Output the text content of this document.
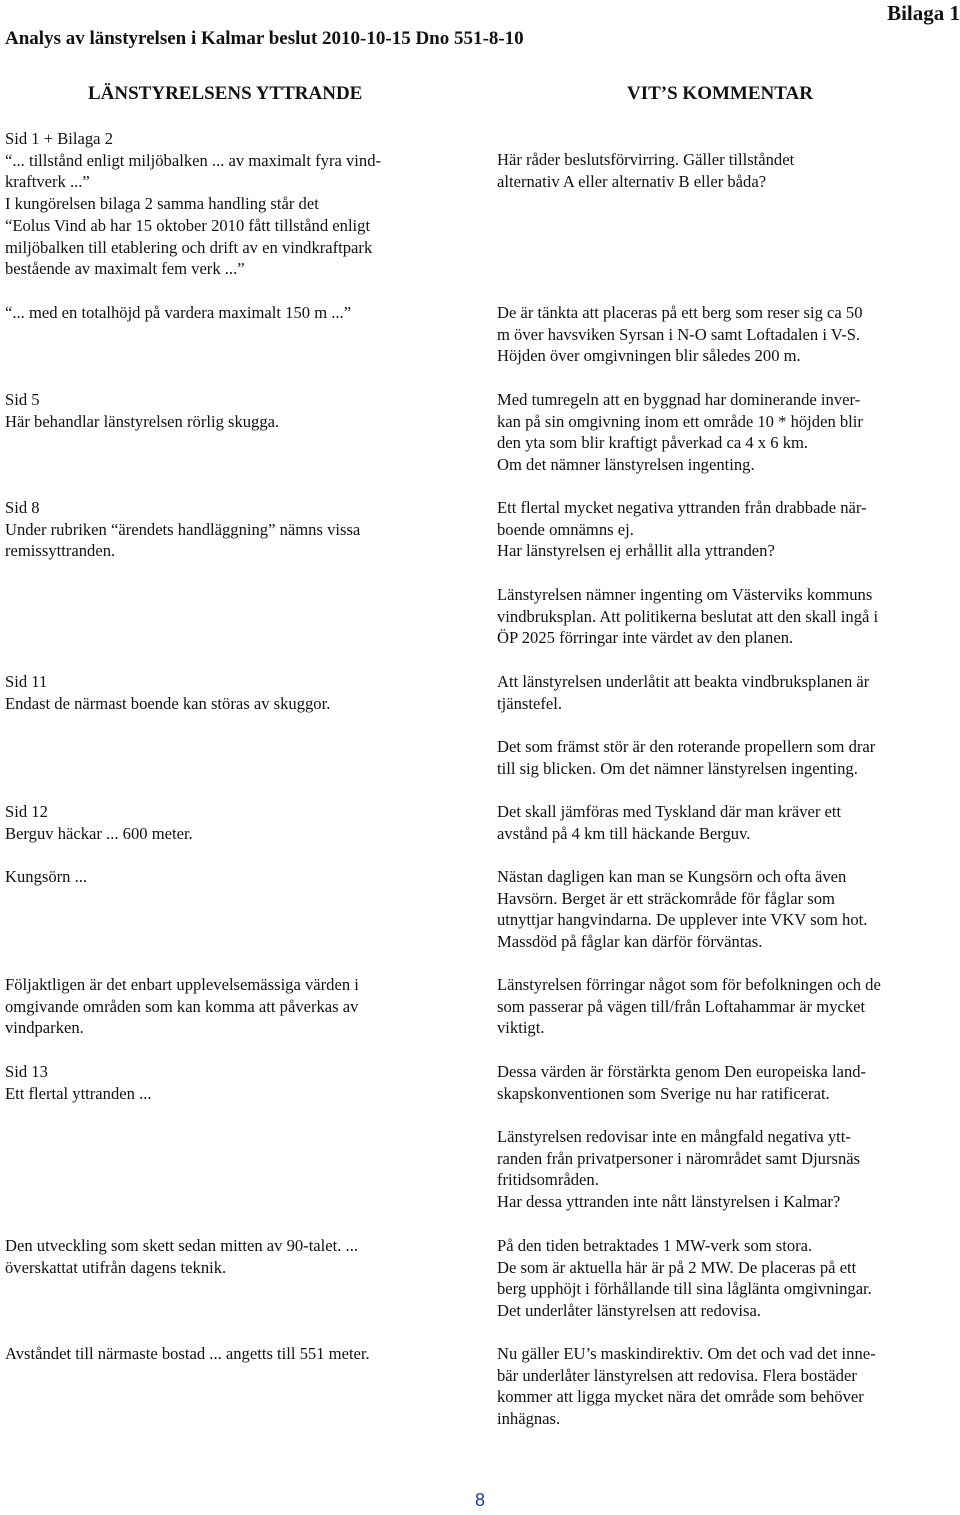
Bilaga 1
Analys av länstyrelsen i Kalmar beslut 2010-10-15 Dno 551-8-10
LÄNSTYRELSENS YTTRANDE	VIT’S KOMMENTAR
Sid 1 + Bilaga 2
“... tillstånd enligt miljöbalken ... av maximalt fyra vind-
kraftverk ...”
I kungörelsen bilaga 2 samma handling står det
“Eolus Vind ab har 15 oktober 2010 fått tillstånd enligt
miljöbalken till etablering och drift av en vindkraftpark
bestående av maximalt fem verk ...”
“... med en totalhöjd på vardera maximalt 150 m ...”
Sid 5
Här behandlar länstyrelsen rörlig skugga.
Sid 8
Under rubriken “ärendets handläggning” nämns vissa
remissyttranden.
Sid 11
Endast de närmast boende kan störas av skuggor.
Sid 12
Berguv häckar ... 600 meter.
Kungsörn ...
Följaktligen är det enbart upplevelsemässiga värden i
omgivande områden som kan komma att påverkas av
vindparken.
Sid 13
Ett flertal yttranden ...
Den utveckling som skett sedan mitten av 90-talet. ...
överskattat utifrån dagens teknik.
Avståndet till närmaste bostad ... angetts till 551 meter.
Här råder beslutsförvirring. Gäller tillståndet
alternativ A eller alternativ B eller båda?
De är tänkta att placeras på ett berg som reser sig ca 50
m över havsviken Syrsan i N-O samt Loftadalen i V-S.
Höjden över omgivningen blir således 200 m.
Med tumregeln att en byggnad har dominerande inver-
kan på sin omgivning inom ett område 10 * höjden blir
den yta som blir kraftigt påverkad ca 4 x 6 km.
Om det nämner länstyrelsen ingenting.
Ett flertal mycket negativa yttranden från drabbade när-
boende omnämns ej.
Har länstyrelsen ej erhållit alla yttranden?
Länstyrelsen nämner ingenting om Västerviks kommuns
vindbruksplan. Att politikerna beslutat att den skall ingå i
ÖP 2025 förringar inte värdet av den planen.
Att länstyrelsen underlåtit att beakta vindbruksplanen är
tjänstefel.
Det som främst stör är den roterande propellern som drar
till sig blicken. Om det nämner länstyrelsen ingenting.
Det skall jämföras med Tyskland där man kräver ett
avstånd på 4 km till häckande Berguv.
Nästan dagligen kan man se Kungsörn och ofta även
Havsörn. Berget är ett sträckområde för fåglar som
utnyttjar hangvindarna. De upplever inte VKV som hot.
Massdöd på fåglar kan därför förväntas.
Länstyrelsen förringar något som för befolkningen och de
som passerar på vägen till/från Loftahammar är mycket
viktigt.
Dessa värden är förstärkta genom Den europeiska land-
skapskonventionen som Sverige nu har ratificerat.
Länstyrelsen redovisar inte en mångfald negativa ytt-
randen från privatpersoner i närområdet samt Djursnäs
fritidsområden.
Har dessa yttranden inte nått länstyrelsen i Kalmar?
På den tiden betraktades 1 MW-verk som stora.
De som är aktuella här är på 2 MW. De placeras på ett
berg upphöjt i förhållande till sina låglänta omgivningar.
Det underlåter länstyrelsen att redovisa.
Nu gäller EU’s maskindirektiv. Om det och vad det inne-
bär underlåter länstyrelsen att redovisa. Flera bostäder
kommer att ligga mycket nära det område som behöver
inhägnas.
8
